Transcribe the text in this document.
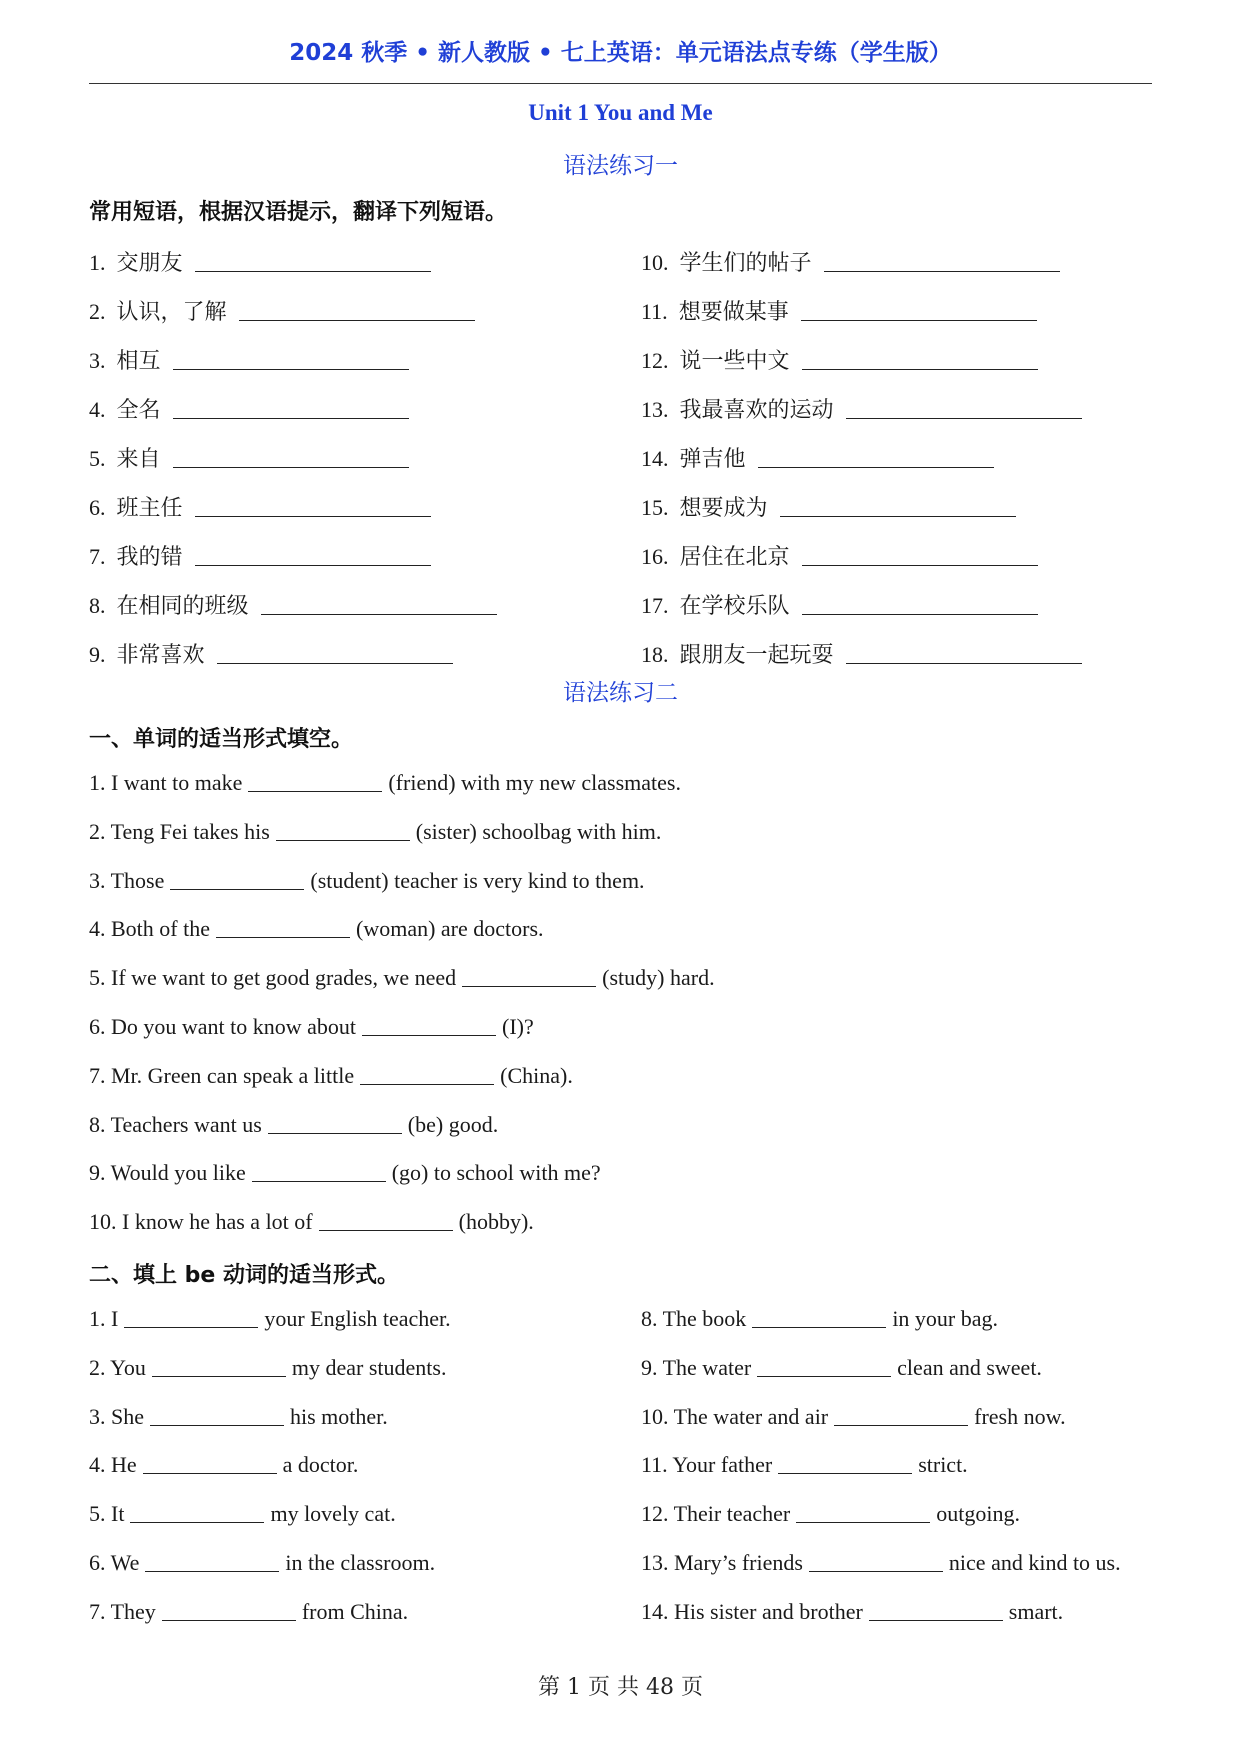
2024 秋季 • 新人教版 • 七上英语：单元语法点专练（学生版）
Unit 1 You and Me
语法练习一
常用短语，根据汉语提示，翻译下列短语。
1. 交朋友
2. 认识，了解
3. 相互
4. 全名
5. 来自
6. 班主任
7. 我的错
8. 在相同的班级
9. 非常喜欢
10. 学生们的帖子
11. 想要做某事
12. 说一些中文
13. 我最喜欢的运动
14. 弹吉他
15. 想要成为
16. 居住在北京
17. 在学校乐队
18. 跟朋友一起玩耍
语法练习二
一、单词的适当形式填空。
1. I want to make	(friend) with my new classmates.
2. Teng Fei takes his	(sister) schoolbag with him.
3. Those	(student) teacher is very kind to them.
4. Both of the	(woman) are doctors.
5. If we want to get good grades, we need	(study) hard.
6. Do you want to know about	(I)?
7. Mr. Green can speak a little	(China).
8. Teachers want us	(be) good.
9. Would you like	(go) to school with me?
10. I know he has a lot of	(hobby).
二、填上 be 动词的适当形式。
1. I	your English teacher.
2. You	my dear students.
3. She	his mother.
4. He	a doctor.
5. It	my lovely cat.
6. We	in the classroom.
7. They	from China.
8. The book	in your bag.
9. The water	clean and sweet.
10. The water and air	fresh now.
11. Your father	strict.
12. Their teacher	outgoing.
13. Mary’s friends	nice and kind to us.
14. His sister and brother	smart.
第 1 页 共 48 页
